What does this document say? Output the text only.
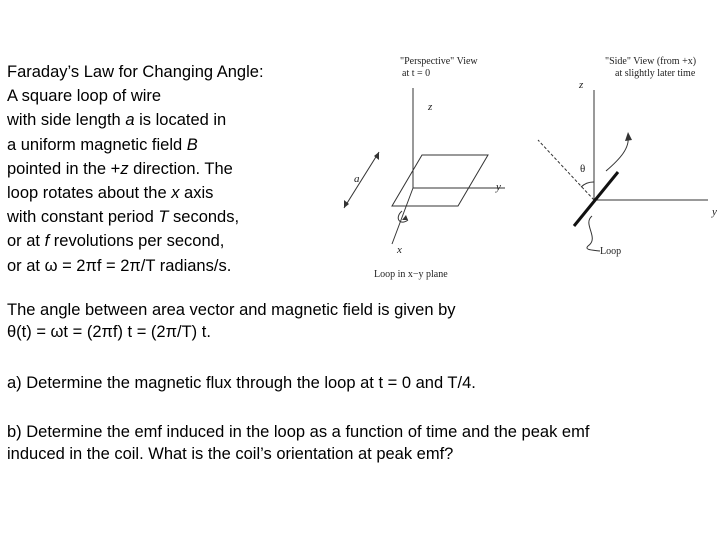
Faraday’s Law for Changing Angle:
A square loop of wire
with side length a is located in
a uniform magnetic field B
pointed in the +z direction. The
loop rotates about the x axis
with constant period T seconds,
or at f revolutions per second,
or at ω = 2πf = 2π/T radians/s.
"Perspective" View
at t = 0
z
y
x
a
Loop in x−y plane
"Side" View (from +x)
at slightly later time
z
y
θ
Loop
The angle between area vector and magnetic field is given by
θ(t) = ωt = (2πf) t = (2π/T) t.
a) Determine the magnetic flux through the loop at t = 0 and T/4.
b) Determine the emf induced in the loop as a function of time and the peak emf
induced in the coil. What is the coil’s orientation at peak emf?
